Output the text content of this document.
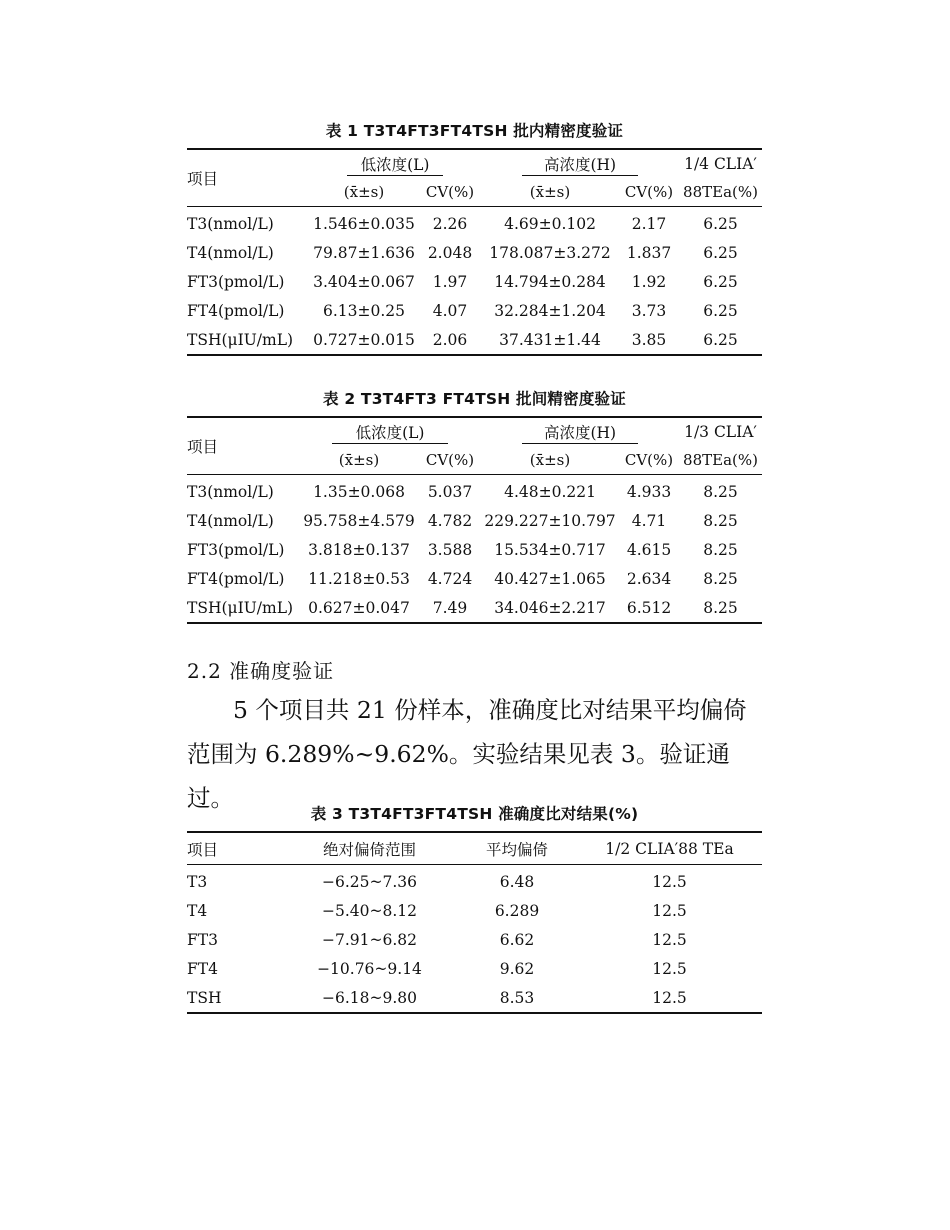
表 1 T3T4FT3FT4TSH 批内精密度验证
项目	低浓度(L)		高浓度(H)		1/4 CLIA′
	(x̄±s)	CV(%)	(x̄±s)	CV(%)	88TEa(%)
T3(nmol/L)	1.546±0.035	2.26	4.69±0.102	2.17	6.25
T4(nmol/L)	79.87±1.636	2.048	178.087±3.272	1.837	6.25
FT3(pmol/L)	3.404±0.067	1.97	14.794±0.284	1.92	6.25
FT4(pmol/L)	6.13±0.25	4.07	32.284±1.204	3.73	6.25
TSH(μIU/mL)	0.727±0.015	2.06	37.431±1.44	3.85	6.25
表 2 T3T4FT3 FT4TSH 批间精密度验证
项目	低浓度(L)		高浓度(H)		1/3 CLIA′
	(x̄±s)	CV(%)	(x̄±s)	CV(%)	88TEa(%)
T3(nmol/L)	1.35±0.068	5.037	4.48±0.221	4.933	8.25
T4(nmol/L)	95.758±4.579	4.782	229.227±10.797	4.71	8.25
FT3(pmol/L)	3.818±0.137	3.588	15.534±0.717	4.615	8.25
FT4(pmol/L)	11.218±0.53	4.724	40.427±1.065	2.634	8.25
TSH(μIU/mL)	0.627±0.047	7.49	34.046±2.217	6.512	8.25
2.2 准确度验证
5 个项目共 21 份样本，准确度比对结果平均偏倚范围为 6.289%~9.62%。实验结果见表 3。验证通过。
表 3 T3T4FT3FT4TSH 准确度比对结果(%)
项目	绝对偏倚范围	平均偏倚	1/2 CLIA′88 TEa
T3	−6.25~7.36	6.48	12.5
T4	−5.40~8.12	6.289	12.5
FT3	−7.91~6.82	6.62	12.5
FT4	−10.76~9.14	9.62	12.5
TSH	−6.18~9.80	8.53	12.5
